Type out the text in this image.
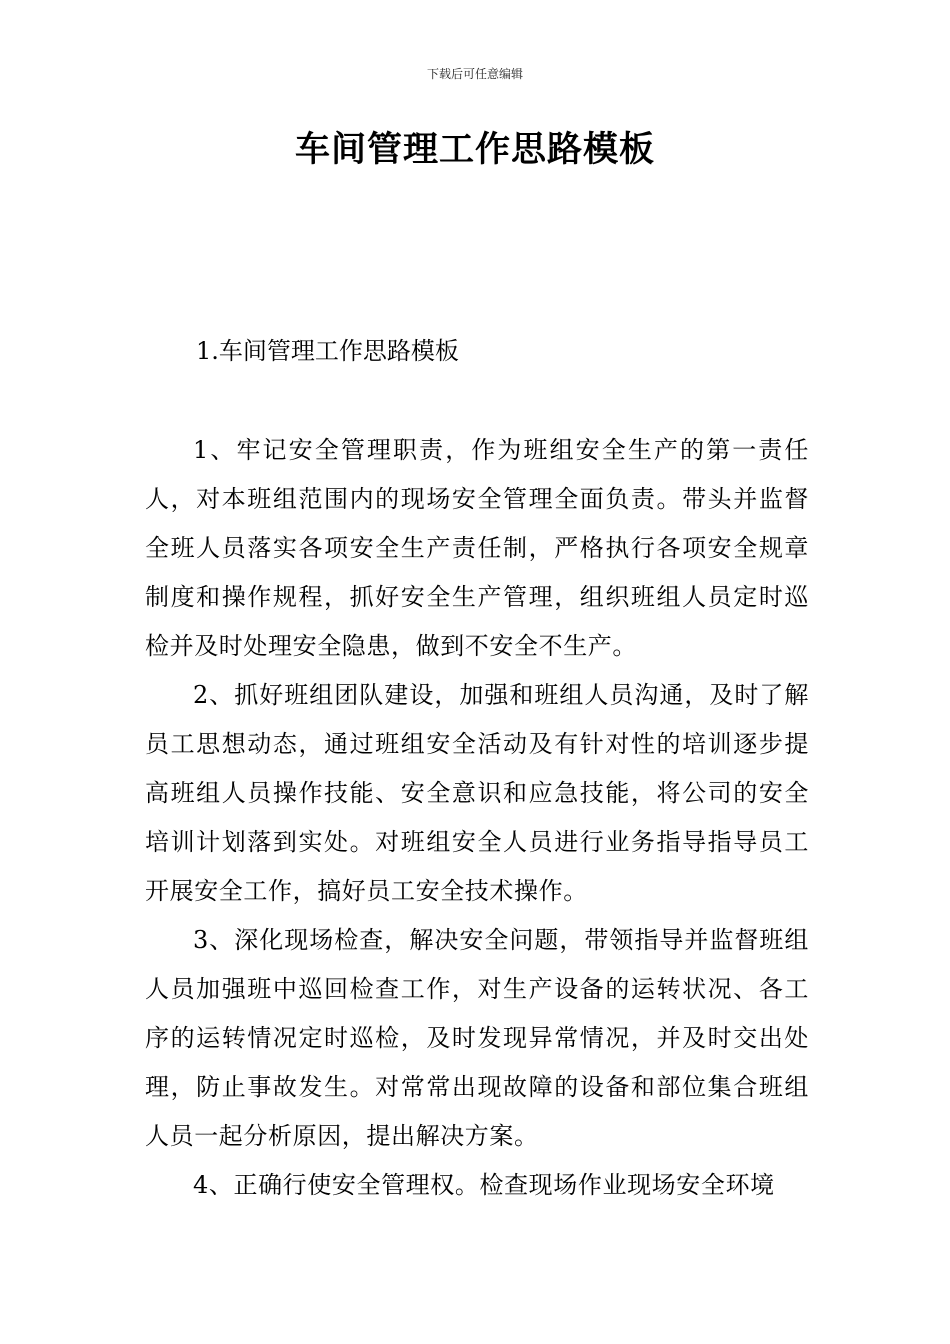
下载后可任意编辑
车间管理工作思路模板
1.车间管理工作思路模板

1、牢记安全管理职责，作为班组安全生产的第一责任人，对本班组范围内的现场安全管理全面负责。带头并监督全班人员落实各项安全生产责任制，严格执行各项安全规章制度和操作规程，抓好安全生产管理，组织班组人员定时巡检并及时处理安全隐患，做到不安全不生产。

2、抓好班组团队建设，加强和班组人员沟通，及时了解员工思想动态，通过班组安全活动及有针对性的培训逐步提高班组人员操作技能、安全意识和应急技能，将公司的安全培训计划落到实处。对班组安全人员进行业务指导指导员工开展安全工作，搞好员工安全技术操作。

3、深化现场检查，解决安全问题，带领指导并监督班组人员加强班中巡回检查工作，对生产设备的运转状况、各工序的运转情况定时巡检，及时发现异常情况，并及时交出处理，防止事故发生。对常常出现故障的设备和部位集合班组人员一起分析原因，提出解决方案。

4、正确行使安全管理权。检查现场作业现场安全环境
